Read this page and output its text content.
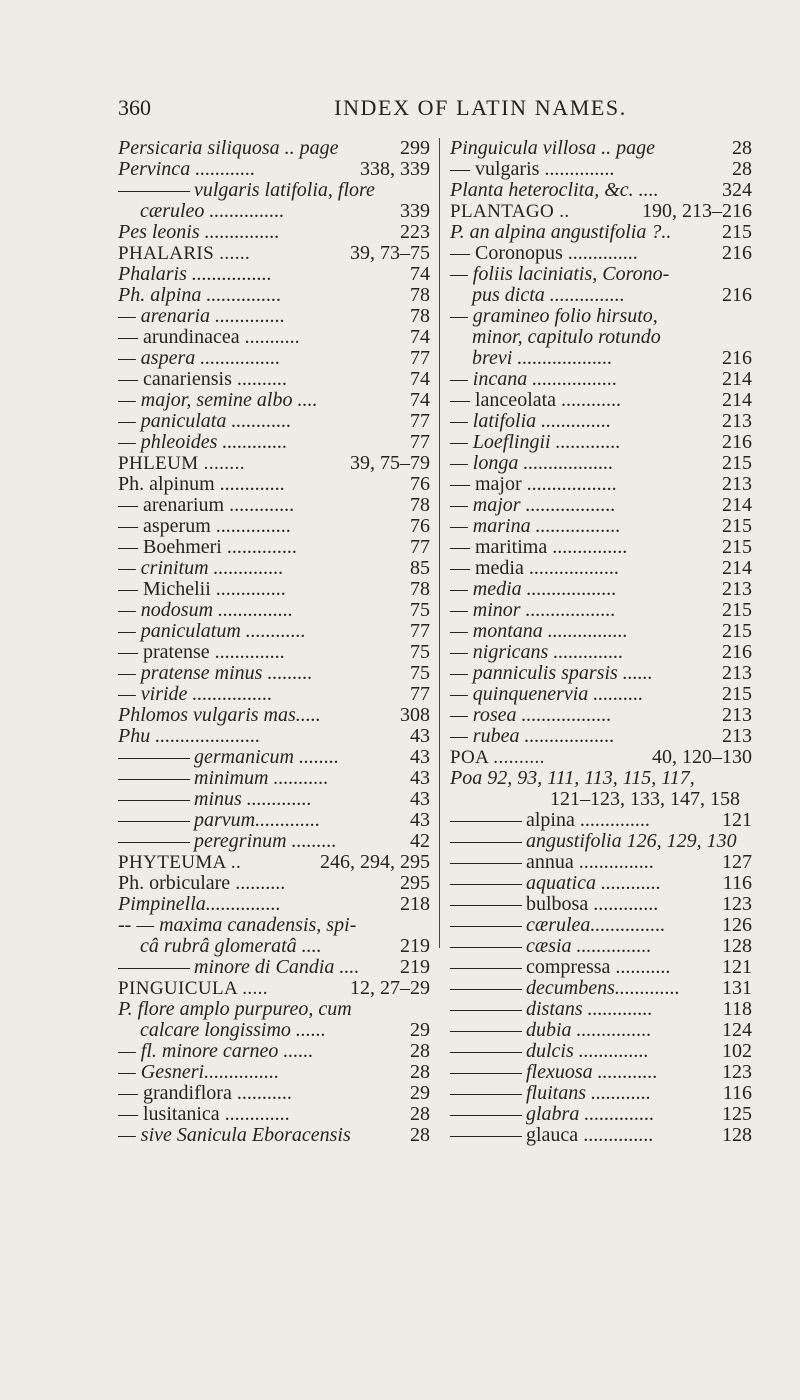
360	INDEX OF LATIN NAMES.
Persicaria siliquosa .. page	299
Pervinca ............	338, 339
vulgaris latifolia, flore
cæruleo ...............	339
Pes leonis ...............	223
PHALARIS ......	39, 73–75
Phalaris ................	74
Ph. alpina ...............	78
— arenaria ..............	78
— arundinacea ...........	74
— aspera ................	77
— canariensis ..........	74
— major, semine albo ....	74
— paniculata ............	77
— phleoides .............	77
PHLEUM ........	39, 75–79
Ph. alpinum .............	76
— arenarium .............	78
— asperum ...............	76
— Boehmeri ..............	77
— crinitum ..............	85
— Michelii ..............	78
— nodosum ...............	75
— paniculatum ............	77
— pratense ..............	75
— pratense minus .........	75
— viride ................	77
Phlomos vulgaris mas.....	308
Phu .....................	43
germanicum ........	43
minimum ...........	43
minus .............	43
parvum.............	43
peregrinum .........	42
PHYTEUMA ..	246, 294, 295
Ph. orbiculare ..........	295
Pimpinella...............	218
-- — maxima canadensis, spi-
câ rubrâ glomeratâ ....	219
minore di Candia .... 219
PINGUICULA .....	12, 27–29
P. flore amplo purpureo, cum
calcare longissimo ......	29
— fl. minore carneo ......	28
— Gesneri...............	28
— grandiflora ...........	29
— lusitanica .............	28
— sive Sanicula Eboracensis	28
Pinguicula villosa .. page	28
— vulgaris ..............	28
Planta heteroclita, &c. ....	324
PLANTAGO ..	190, 213–216
P. an alpina angustifolia ?..	215
— Coronopus ..............	216
— foliis laciniatis, Corono-
pus dicta ...............	216
— gramineo folio hirsuto,
minor, capitulo rotundo
brevi ...................	216
— incana .................	214
— lanceolata ............	214
— latifolia ..............	213
— Loeflingii .............	216
— longa ..................	215
— major ..................	213
— major ..................	214
— marina .................	215
— maritima ...............	215
— media ..................	214
— media ..................	213
— minor ..................	215
— montana ................	215
— nigricans ..............	216
— panniculis sparsis ......	213
— quinquenervia ..........	215
— rosea ..................	213
— rubea ..................	213
POA ..........	40, 120–130
Poa 92, 93, 111, 113, 115, 117,
121–123, 133, 147, 158
alpina ..............	121
angustifolia 126, 129, 130
annua ...............	127
aquatica ............	116
bulbosa .............	123
cærulea...............	126
cæsia ...............	128
compressa ...........	121
decumbens............. 131
distans .............	118
dubia ...............	124
dulcis ..............	102
flexuosa ............	123
fluitans ............	116
glabra ..............	125
glauca ..............	128
